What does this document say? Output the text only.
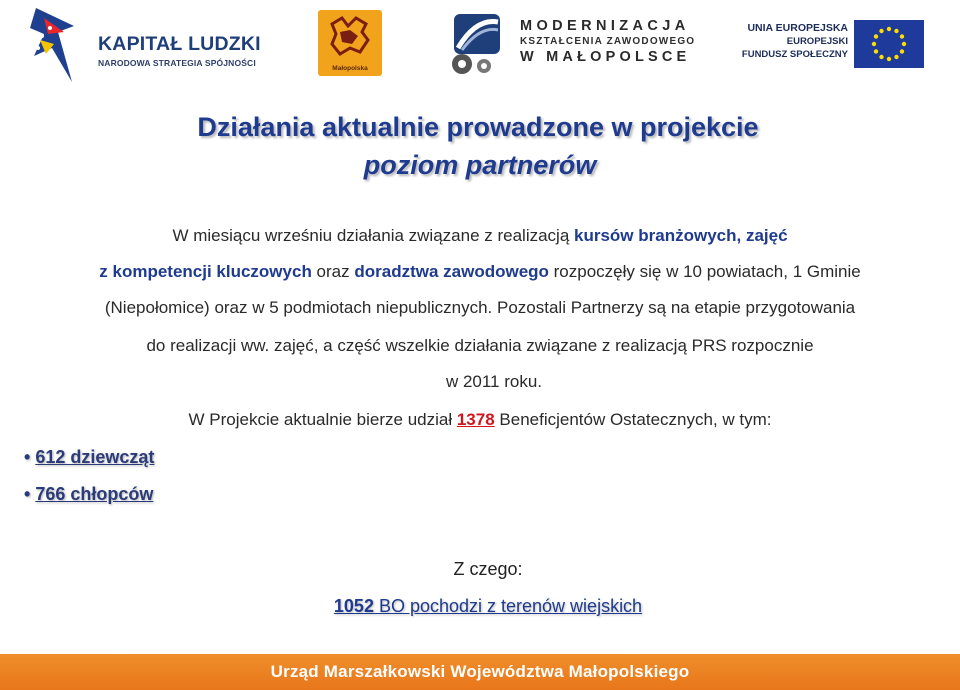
KAPITAŁ LUDZKI
NARODOWA STRATEGIA SPÓJNOŚCI
Małopolska
MODERNIZACJA
KSZTAŁCENIA ZAWODOWEGO
W MAŁOPOLSCE
UNIA EUROPEJSKA
EUROPEJSKI
FUNDUSZ SPOŁECZNY
Działania aktualnie prowadzone w projekcie
poziom partnerów
W miesiącu wrześniu działania związane z realizacją kursów branżowych, zajęć
z kompetencji kluczowych oraz doradztwa zawodowego rozpoczęły się w 10 powiatach, 1 Gminie
(Niepołomice) oraz w 5 podmiotach niepublicznych. Pozostali Partnerzy są na etapie przygotowania
do realizacji ww. zajęć, a część wszelkie działania związane z realizacją PRS rozpocznie
w 2011 roku.
W Projekcie aktualnie bierze udział 1378 Beneficjentów Ostatecznych, w tym:
• 612 dziewcząt
• 766 chłopców
Z czego:
1052 BO pochodzi z terenów wiejskich
Urząd Marszałkowski Województwa Małopolskiego
